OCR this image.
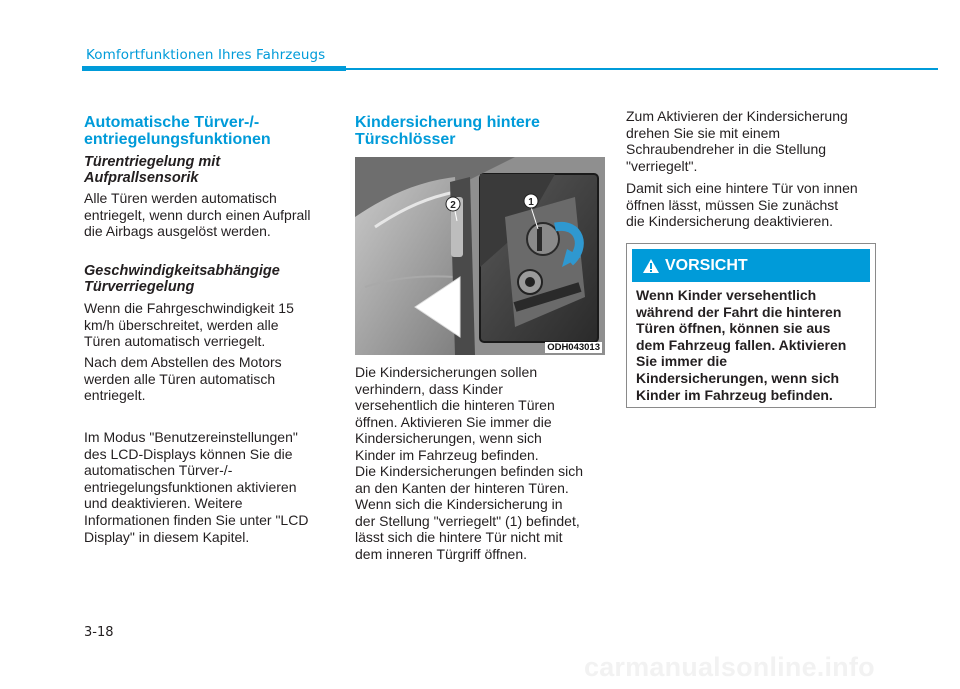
Komfortfunktionen Ihres Fahrzeugs
Automatische Türver-/-
entriegelungsfunktionen
Türentriegelung mit
Aufprallsensorik

Alle Türen werden automatisch
entriegelt, wenn durch einen Aufprall
die Airbags ausgelöst werden.

Geschwindigkeitsabhängige
Türverriegelung

Wenn die Fahrgeschwindigkeit 15
km/h überschreitet, werden alle
Türen automatisch verriegelt.

Nach dem Abstellen des Motors
werden alle Türen automatisch
entriegelt.

Im Modus "Benutzereinstellungen"
des LCD-Displays können Sie die
automatischen Türver-/-
entriegelungsfunktionen aktivieren
und deaktivieren. Weitere
Informationen finden Sie unter "LCD
Display" in diesem Kapitel.

Kindersicherung hintere
Türschlösser

Die Kindersicherungen sollen
verhindern, dass Kinder
versehentlich die hinteren Türen
öffnen. Aktivieren Sie immer die
Kindersicherungen, wenn sich
Kinder im Fahrzeug befinden.

Die Kindersicherungen befinden sich
an den Kanten der hinteren Türen.
Wenn sich die Kindersicherung in
der Stellung "verriegelt" (1) befindet,
lässt sich die hintere Tür nicht mit
dem inneren Türgriff öffnen.

1
2
ODH043013

Zum Aktivieren der Kindersicherung
drehen Sie sie mit einem
Schraubendreher in die Stellung
"verriegelt".

Damit sich eine hintere Tür von innen
öffnen lässt, müssen Sie zunächst
die Kindersicherung deaktivieren.

VORSICHT
Wenn Kinder versehentlich
während der Fahrt die hinteren
Türen öffnen, können sie aus
dem Fahrzeug fallen. Aktivieren
Sie immer die
Kindersicherungen, wenn sich
Kinder im Fahrzeug befinden.
3-18
carmanualsonline.info
